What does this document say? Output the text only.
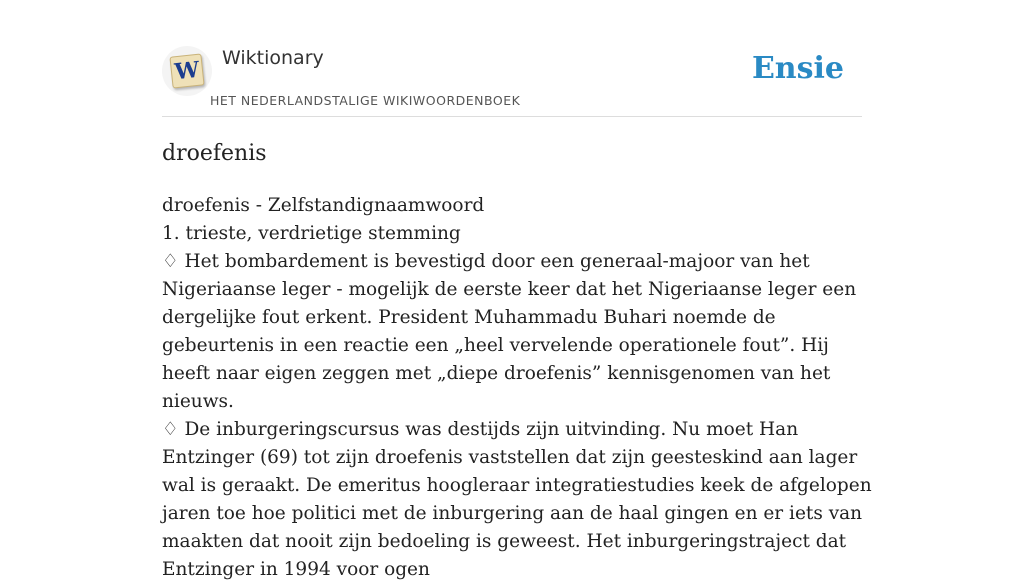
W Wiktionary
HET NEDERLANDSTALIGE WIKIWOORDENBOEK
Ensie
droefenis
droefenis - Zelfstandignaamwoord
1. trieste, verdrietige stemming
♢ Het bombardement is bevestigd door een generaal-majoor van het Nigeriaanse leger - mogelijk de eerste keer dat het Nigeriaanse leger een dergelijke fout erkent. President Muhammadu Buhari noemde de gebeurtenis in een reactie een „heel vervelende operationele fout”. Hij heeft naar eigen zeggen met „diepe droefenis” kennisgenomen van het nieuws.
♢ De inburgeringscursus was destijds zijn uitvinding. Nu moet Han Entzinger (69) tot zijn droefenis vaststellen dat zijn geesteskind aan lager wal is geraakt. De emeritus hoogleraar integratiestudies keek de afgelopen jaren toe hoe politici met de inburgering aan de haal gingen en er iets van maakten dat nooit zijn bedoeling is geweest. Het inburgeringstraject dat Entzinger in 1994 voor ogen
